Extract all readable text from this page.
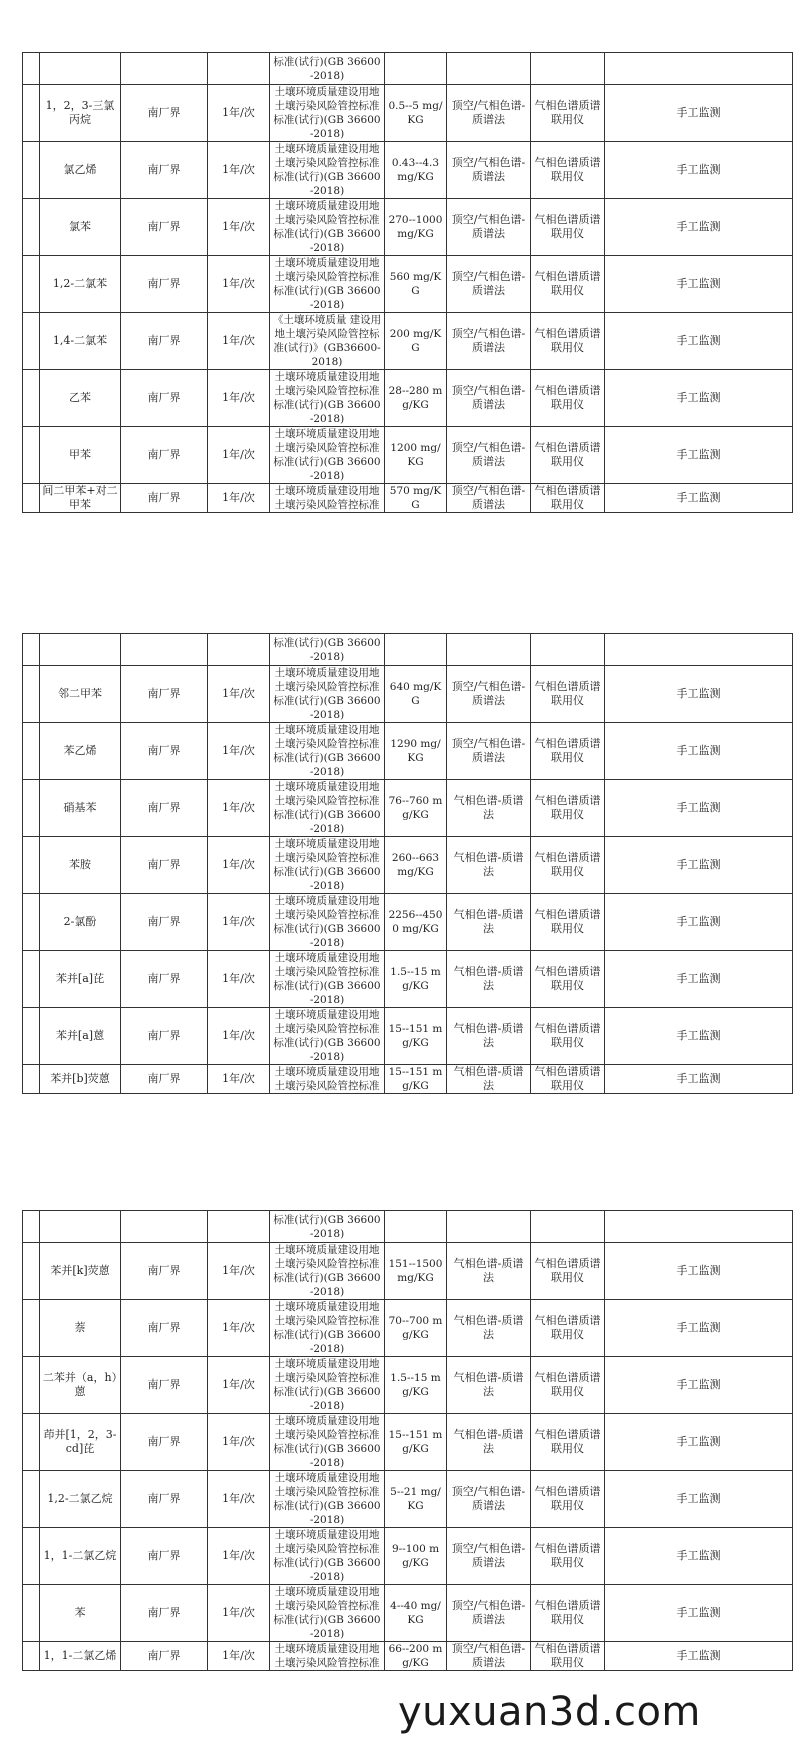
				标准(试行)(GB 36600-2018)				
	1，2，3-三氯丙烷	南厂界	1年/次	土壤环境质量建设用地土壤污染风险管控标准标准(试行)(GB 36600-2018)	0.5--5 mg/KG	顶空/气相色谱-质谱法	气相色谱质谱联用仪	手工监测
	氯乙烯	南厂界	1年/次	土壤环境质量建设用地土壤污染风险管控标准标准(试行)(GB 36600-2018)	0.43--4.3 mg/KG	顶空/气相色谱-质谱法	气相色谱质谱联用仪	手工监测
	氯苯	南厂界	1年/次	土壤环境质量建设用地土壤污染风险管控标准标准(试行)(GB 36600-2018)	270--1000 mg/KG	顶空/气相色谱-质谱法	气相色谱质谱联用仪	手工监测
	1,2-二氯苯	南厂界	1年/次	土壤环境质量建设用地土壤污染风险管控标准标准(试行)(GB 36600-2018)	560 mg/KG	顶空/气相色谱-质谱法	气相色谱质谱联用仪	手工监测
	1,4-二氯苯	南厂界	1年/次	《土壤环境质量 建设用地土壤污染风险管控标准(试行)》(GB36600-2018)	200 mg/KG	顶空/气相色谱-质谱法	气相色谱质谱联用仪	手工监测
	乙苯	南厂界	1年/次	土壤环境质量建设用地土壤污染风险管控标准标准(试行)(GB 36600-2018)	28--280 mg/KG	顶空/气相色谱-质谱法	气相色谱质谱联用仪	手工监测
	甲苯	南厂界	1年/次	土壤环境质量建设用地土壤污染风险管控标准标准(试行)(GB 36600-2018)	1200 mg/KG	顶空/气相色谱-质谱法	气相色谱质谱联用仪	手工监测
	间二甲苯+对二甲苯	南厂界	1年/次	土壤环境质量建设用地土壤污染风险管控标准	570 mg/KG	顶空/气相色谱-质谱法	气相色谱质谱联用仪	手工监测
				标准(试行)(GB 36600-2018)				
	邻二甲苯	南厂界	1年/次	土壤环境质量建设用地土壤污染风险管控标准标准(试行)(GB 36600-2018)	640 mg/KG	顶空/气相色谱-质谱法	气相色谱质谱联用仪	手工监测
	苯乙烯	南厂界	1年/次	土壤环境质量建设用地土壤污染风险管控标准标准(试行)(GB 36600-2018)	1290 mg/KG	顶空/气相色谱-质谱法	气相色谱质谱联用仪	手工监测
	硝基苯	南厂界	1年/次	土壤环境质量建设用地土壤污染风险管控标准标准(试行)(GB 36600-2018)	76--760 mg/KG	气相色谱-质谱法	气相色谱质谱联用仪	手工监测
	苯胺	南厂界	1年/次	土壤环境质量建设用地土壤污染风险管控标准标准(试行)(GB 36600-2018)	260--663 mg/KG	气相色谱-质谱法	气相色谱质谱联用仪	手工监测
	2-氯酚	南厂界	1年/次	土壤环境质量建设用地土壤污染风险管控标准标准(试行)(GB 36600-2018)	2256--4500 mg/KG	气相色谱-质谱法	气相色谱质谱联用仪	手工监测
	苯并[a]芘	南厂界	1年/次	土壤环境质量建设用地土壤污染风险管控标准标准(试行)(GB 36600-2018)	1.5--15 mg/KG	气相色谱-质谱法	气相色谱质谱联用仪	手工监测
	苯并[a]蒽	南厂界	1年/次	土壤环境质量建设用地土壤污染风险管控标准标准(试行)(GB 36600-2018)	15--151 mg/KG	气相色谱-质谱法	气相色谱质谱联用仪	手工监测
	苯并[b]荧蒽	南厂界	1年/次	土壤环境质量建设用地土壤污染风险管控标准	15--151 mg/KG	气相色谱-质谱法	气相色谱质谱联用仪	手工监测
				标准(试行)(GB 36600-2018)				
	苯并[k]荧蒽	南厂界	1年/次	土壤环境质量建设用地土壤污染风险管控标准标准(试行)(GB 36600-2018)	151--1500 mg/KG	气相色谱-质谱法	气相色谱质谱联用仪	手工监测
	萘	南厂界	1年/次	土壤环境质量建设用地土壤污染风险管控标准标准(试行)(GB 36600-2018)	70--700 mg/KG	气相色谱-质谱法	气相色谱质谱联用仪	手工监测
	二苯并（a，h）蒽	南厂界	1年/次	土壤环境质量建设用地土壤污染风险管控标准标准(试行)(GB 36600-2018)	1.5--15 mg/KG	气相色谱-质谱法	气相色谱质谱联用仪	手工监测
	茚并[1，2，3-cd]芘	南厂界	1年/次	土壤环境质量建设用地土壤污染风险管控标准标准(试行)(GB 36600-2018)	15--151 mg/KG	气相色谱-质谱法	气相色谱质谱联用仪	手工监测
	1,2-二氯乙烷	南厂界	1年/次	土壤环境质量建设用地土壤污染风险管控标准标准(试行)(GB 36600-2018)	5--21 mg/KG	顶空/气相色谱-质谱法	气相色谱质谱联用仪	手工监测
	1，1-二氯乙烷	南厂界	1年/次	土壤环境质量建设用地土壤污染风险管控标准标准(试行)(GB 36600-2018)	9--100 mg/KG	顶空/气相色谱-质谱法	气相色谱质谱联用仪	手工监测
	苯	南厂界	1年/次	土壤环境质量建设用地土壤污染风险管控标准标准(试行)(GB 36600-2018)	4--40 mg/KG	顶空/气相色谱-质谱法	气相色谱质谱联用仪	手工监测
	1，1-二氯乙烯	南厂界	1年/次	土壤环境质量建设用地土壤污染风险管控标准	66--200 mg/KG	顶空/气相色谱-质谱法	气相色谱质谱联用仪	手工监测
yuxuan3d.com
